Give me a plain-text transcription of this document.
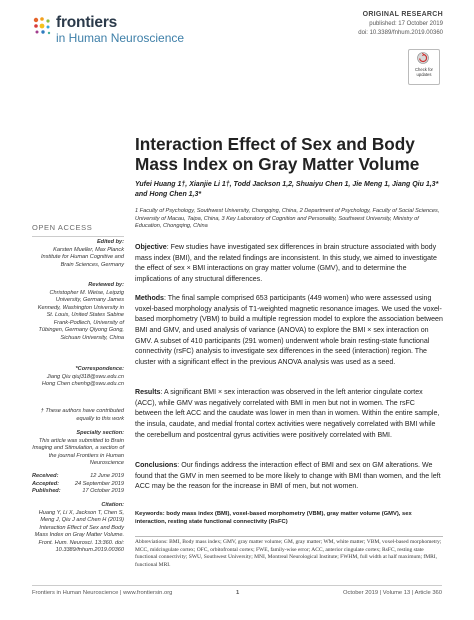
frontiers
in Human Neuroscience
ORIGINAL RESEARCH
published: 17 October 2019
doi: 10.3389/fnhum.2019.00360
Check for
updates
Interaction Effect of Sex and Body Mass Index on Gray Matter Volume
Yufei Huang 1†, Xianjie Li 1†, Todd Jackson 1,2, Shuaiyu Chen 1, Jie Meng 1, Jiang Qiu 1,3* and Hong Chen 1,3*
1 Faculty of Psychology, Southwest University, Chongqing, China, 2 Department of Psychology, Faculty of Social Sciences, University of Macau, Taipa, China, 3 Key Laboratory of Cognition and Personality, Southwest University, Ministry of Education, Chongqing, China
OPEN ACCESS
Edited by:
Karsten Mueller, Max Planck Institute for Human Cognitive and Brain Sciences, Germany
Reviewed by:
Christopher M. Weise, Leipzig University, Germany James Kennedy, Washington University in St. Louis, United States Sabine Frank-Podlech, University of Tübingen, Germany Qiyong Gong, Sichuan University, China
*Correspondence:
Jiang Qiu qiuj318@swu.edu.cn Hong Chen chenhg@swu.edu.cn
† These authors have contributed equally to this work
Specialty section:
This article was submitted to Brain Imaging and Stimulation, a section of the journal Frontiers in Human Neuroscience
Received:	12 June 2019
Accepted:	24 September 2019
Published:	17 October 2019
Citation:
Huang Y, Li X, Jackson T, Chen S, Meng J, Qiu J and Chen H (2019) Interaction Effect of Sex and Body Mass Index on Gray Matter Volume. Front. Hum. Neurosci. 13:360. doi: 10.3389/fnhum.2019.00360
Objective: Few studies have investigated sex differences in brain structure associated with body mass index (BMI), and the related findings are inconsistent. In this study, we aimed to investigate the effect of sex × BMI interactions on gray matter volume (GMV), and to determine the implications of any structural differences.
Methods: The final sample comprised 653 participants (449 women) who were assessed using voxel-based morphology analysis of T1-weighted magnetic resonance images. We used the voxel-based morphometry (VBM) to build a multiple regression model to explore the association between BMI and GMV, and used analysis of variance (ANOVA) to explore the BMI × sex interaction on GMV. A subset of 410 participants (291 women) underwent whole brain resting-state functional connectivity (rsFC) analysis to investigate sex differences in the seed (interaction) region. The cluster with a significant effect in the previous ANOVA analysis was used as a seed.
Results: A significant BMI × sex interaction was observed in the left anterior cingulate cortex (ACC), while GMV was negatively correlated with BMI in men but not in women. The rsFC between the left ACC and the caudate was lower in men than in women. Within the entire sample, the insula, caudate, and medial frontal cortex activities were negatively correlated with BMI while the cerebellum and postcentral gyrus activities were positively correlated with BMI.
Conclusions: Our findings address the interaction effect of BMI and sex on GM alterations. We found that the GMV in men seemed to be more likely to change with BMI than women, and the left ACC may be the reason for the increase in BMI of men, but not women.
Keywords: body mass index (BMI), voxel-based morphometry (VBM), gray matter volume (GMV), sex interaction, resting state functional connectivity (RsFC)
Abbreviations: BMI, Body mass index; GMV, gray matter volume; GM, gray matter; WM, white matter; VBM, voxel-based morphometry; MCC, midcingulate cortex; OFC, orbitofrontal cortex; FWE, family-wise error; ACC, anterior cingulate cortex; RsFC, resting state functional connectivity; SWU, Southwest University; MNI, Montreal Neurological Institute; FWHM, full width at half maximum; fMRI, functional MRI.
Frontiers in Human Neuroscience | www.frontiersin.org	1	October 2019 | Volume 13 | Article 360
